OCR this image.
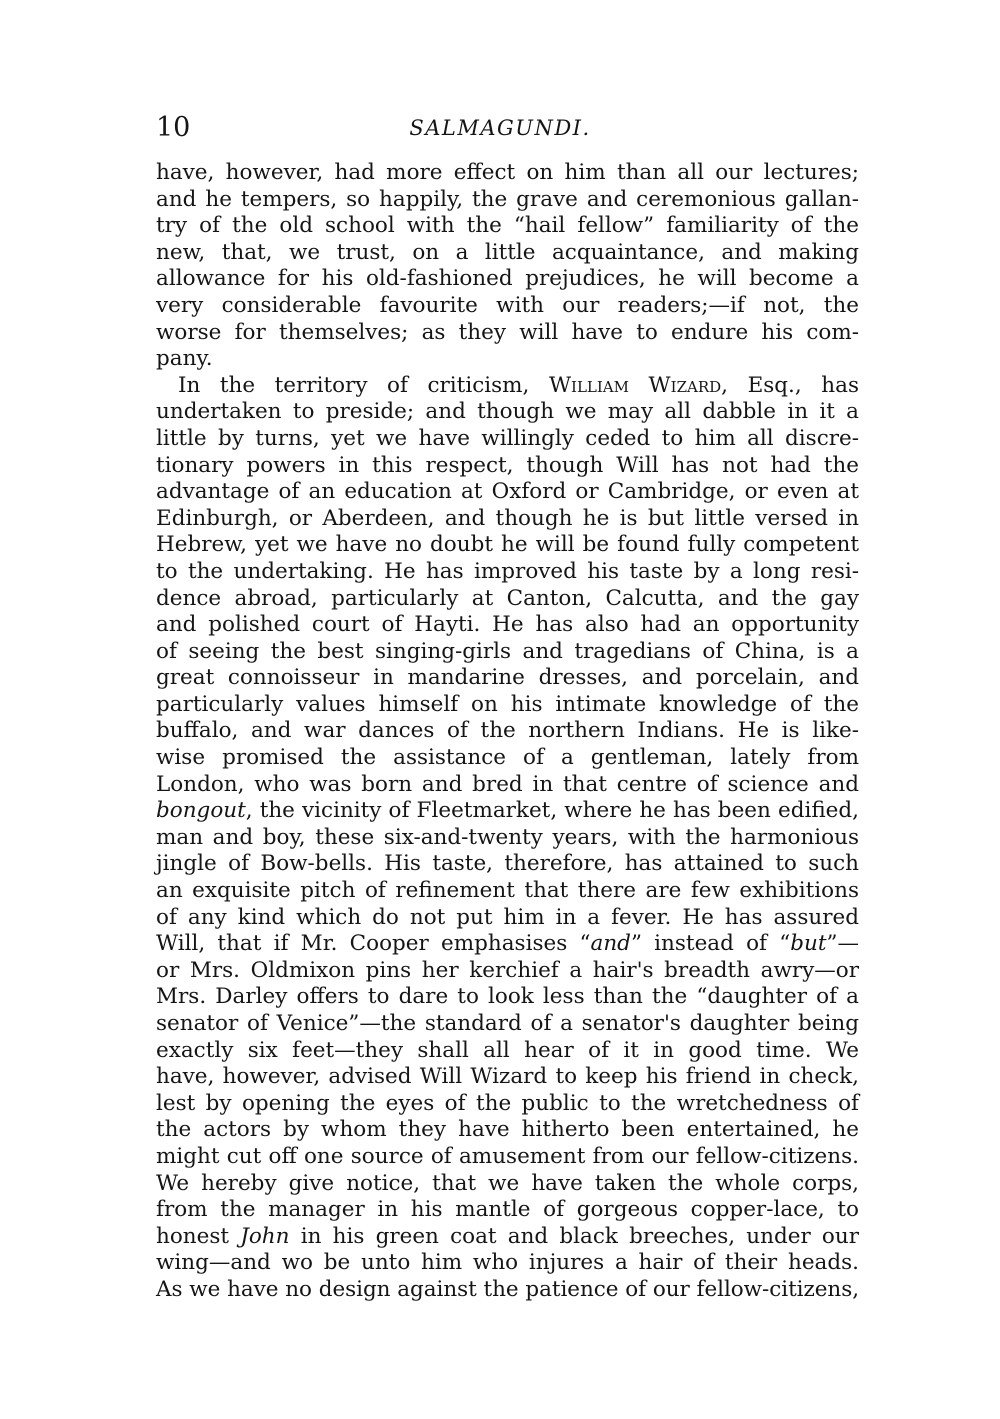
10	SALMAGUNDI.
have, however, had more effect on him than all our lectures;
and he tempers, so happily, the grave and ceremonious gallan-
try of the old school with the “hail fellow” familiarity of the
new, that, we trust, on a little acquaintance, and making
allowance for his old-fashioned prejudices, he will become a
very considerable favourite with our readers;—if not, the
worse for themselves; as they will have to endure his com-
pany.
In the territory of criticism, William Wizard, Esq., has
undertaken to preside; and though we may all dabble in it a
little by turns, yet we have willingly ceded to him all discre-
tionary powers in this respect, though Will has not had the
advantage of an education at Oxford or Cambridge, or even at
Edinburgh, or Aberdeen, and though he is but little versed in
Hebrew, yet we have no doubt he will be found fully competent
to the undertaking. He has improved his taste by a long resi-
dence abroad, particularly at Canton, Calcutta, and the gay
and polished court of Hayti. He has also had an opportunity
of seeing the best singing-girls and tragedians of China, is a
great connoisseur in mandarine dresses, and porcelain, and
particularly values himself on his intimate knowledge of the
buffalo, and war dances of the northern Indians. He is like-
wise promised the assistance of a gentleman, lately from
London, who was born and bred in that centre of science and
bongout, the vicinity of Fleetmarket, where he has been edified,
man and boy, these six-and-twenty years, with the harmonious
jingle of Bow-bells. His taste, therefore, has attained to such
an exquisite pitch of refinement that there are few exhibitions
of any kind which do not put him in a fever. He has assured
Will, that if Mr. Cooper emphasises “and” instead of “but”—
or Mrs. Oldmixon pins her kerchief a hair's breadth awry—or
Mrs. Darley offers to dare to look less than the “daughter of a
senator of Venice”—the standard of a senator's daughter being
exactly six feet—they shall all hear of it in good time. We
have, however, advised Will Wizard to keep his friend in check,
lest by opening the eyes of the public to the wretchedness of
the actors by whom they have hitherto been entertained, he
might cut off one source of amusement from our fellow-citizens.
We hereby give notice, that we have taken the whole corps,
from the manager in his mantle of gorgeous copper-lace, to
honest John in his green coat and black breeches, under our
wing—and wo be unto him who injures a hair of their heads.
As we have no design against the patience of our fellow-citizens,
